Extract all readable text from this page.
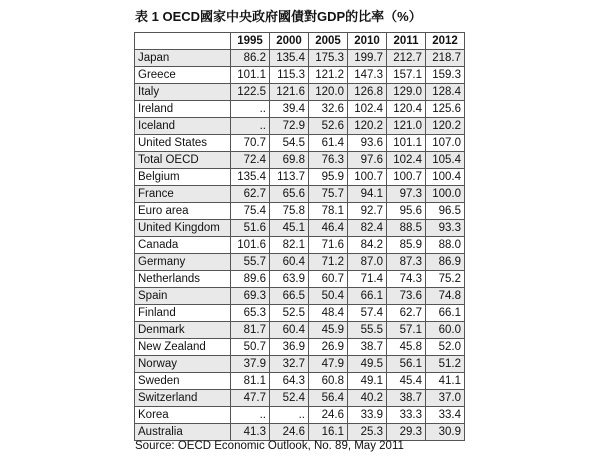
表 1 OECD國家中央政府國債對GDP的比率（%）
	1995	2000	2005	2010	2011	2012
Japan	86.2	135.4	175.3	199.7	212.7	218.7
Greece	101.1	115.3	121.2	147.3	157.1	159.3
Italy	122.5	121.6	120.0	126.8	129.0	128.4
Ireland	..	39.4	32.6	102.4	120.4	125.6
Iceland	..	72.9	52.6	120.2	121.0	120.2
United States	70.7	54.5	61.4	93.6	101.1	107.0
Total OECD	72.4	69.8	76.3	97.6	102.4	105.4
Belgium	135.4	113.7	95.9	100.7	100.7	100.4
France	62.7	65.6	75.7	94.1	97.3	100.0
Euro area	75.4	75.8	78.1	92.7	95.6	96.5
United Kingdom	51.6	45.1	46.4	82.4	88.5	93.3
Canada	101.6	82.1	71.6	84.2	85.9	88.0
Germany	55.7	60.4	71.2	87.0	87.3	86.9
Netherlands	89.6	63.9	60.7	71.4	74.3	75.2
Spain	69.3	66.5	50.4	66.1	73.6	74.8
Finland	65.3	52.5	48.4	57.4	62.7	66.1
Denmark	81.7	60.4	45.9	55.5	57.1	60.0
New Zealand	50.7	36.9	26.9	38.7	45.8	52.0
Norway	37.9	32.7	47.9	49.5	56.1	51.2
Sweden	81.1	64.3	60.8	49.1	45.4	41.1
Switzerland	47.7	52.4	56.4	40.2	38.7	37.0
Korea	..	..	24.6	33.9	33.3	33.4
Australia	41.3	24.6	16.1	25.3	29.3	30.9
Source: OECD Economic Outlook, No. 89, May 2011
